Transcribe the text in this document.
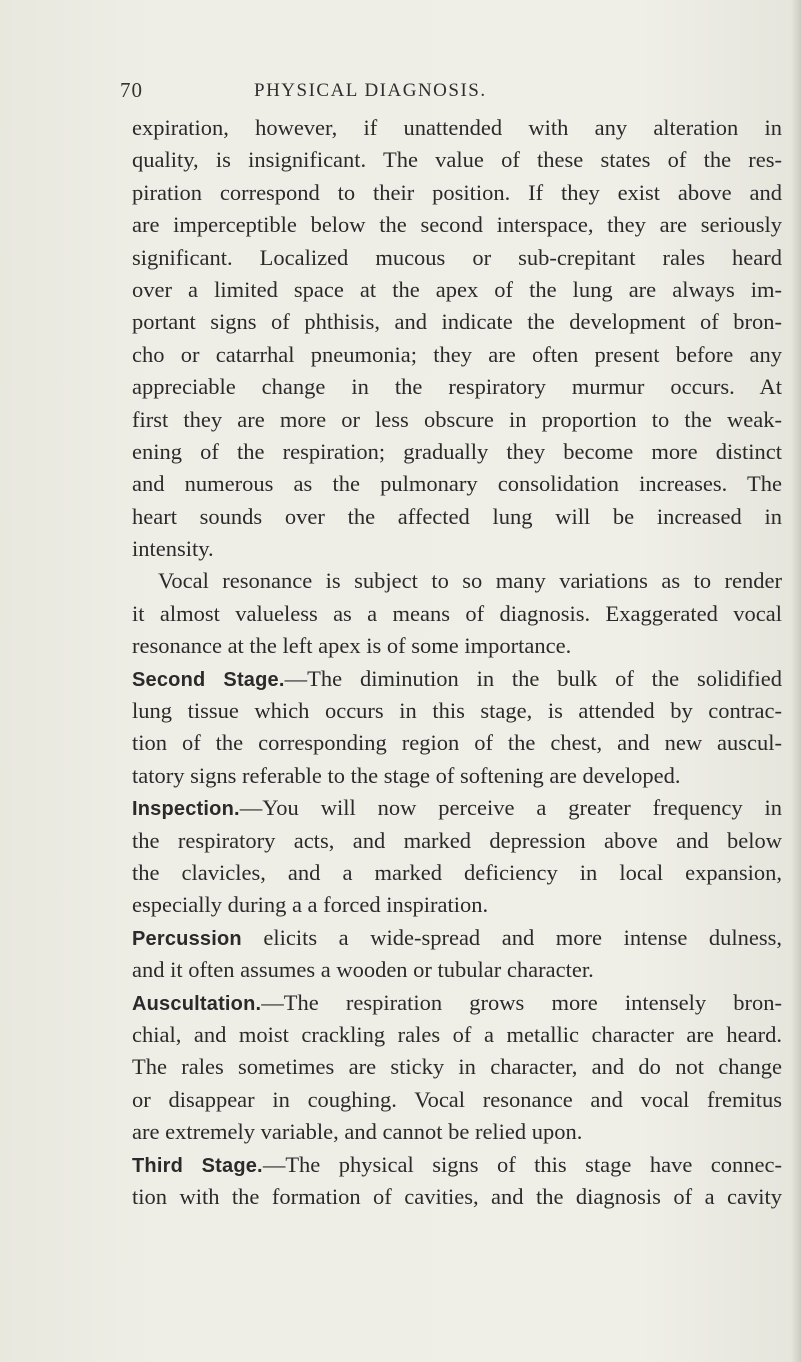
70	PHYSICAL DIAGNOSIS.
expiration, however, if unattended with any alteration in
quality, is insignificant. The value of these states of the res-
piration correspond to their position. If they exist above and
are imperceptible below the second interspace, they are seriously
significant. Localized mucous or sub-crepitant rales heard
over a limited space at the apex of the lung are always im-
portant signs of phthisis, and indicate the development of bron-
cho or catarrhal pneumonia; they are often present before any
appreciable change in the respiratory murmur occurs. At
first they are more or less obscure in proportion to the weak-
ening of the respiration; gradually they become more distinct
and numerous as the pulmonary consolidation increases. The
heart sounds over the affected lung will be increased in
intensity.
Vocal resonance is subject to so many variations as to render
it almost valueless as a means of diagnosis. Exaggerated vocal
resonance at the left apex is of some importance.
Second Stage.—The diminution in the bulk of the solidified
lung tissue which occurs in this stage, is attended by contrac-
tion of the corresponding region of the chest, and new auscul-
tatory signs referable to the stage of softening are developed.
Inspection.—You will now perceive a greater frequency in
the respiratory acts, and marked depression above and below
the clavicles, and a marked deficiency in local expansion,
especially during a a forced inspiration.
Percussion elicits a wide-spread and more intense dulness,
and it often assumes a wooden or tubular character.
Auscultation.—The respiration grows more intensely bron-
chial, and moist crackling rales of a metallic character are heard.
The rales sometimes are sticky in character, and do not change
or disappear in coughing. Vocal resonance and vocal fremitus
are extremely variable, and cannot be relied upon.
Third Stage.—The physical signs of this stage have connec-
tion with the formation of cavities, and the diagnosis of a cavity
